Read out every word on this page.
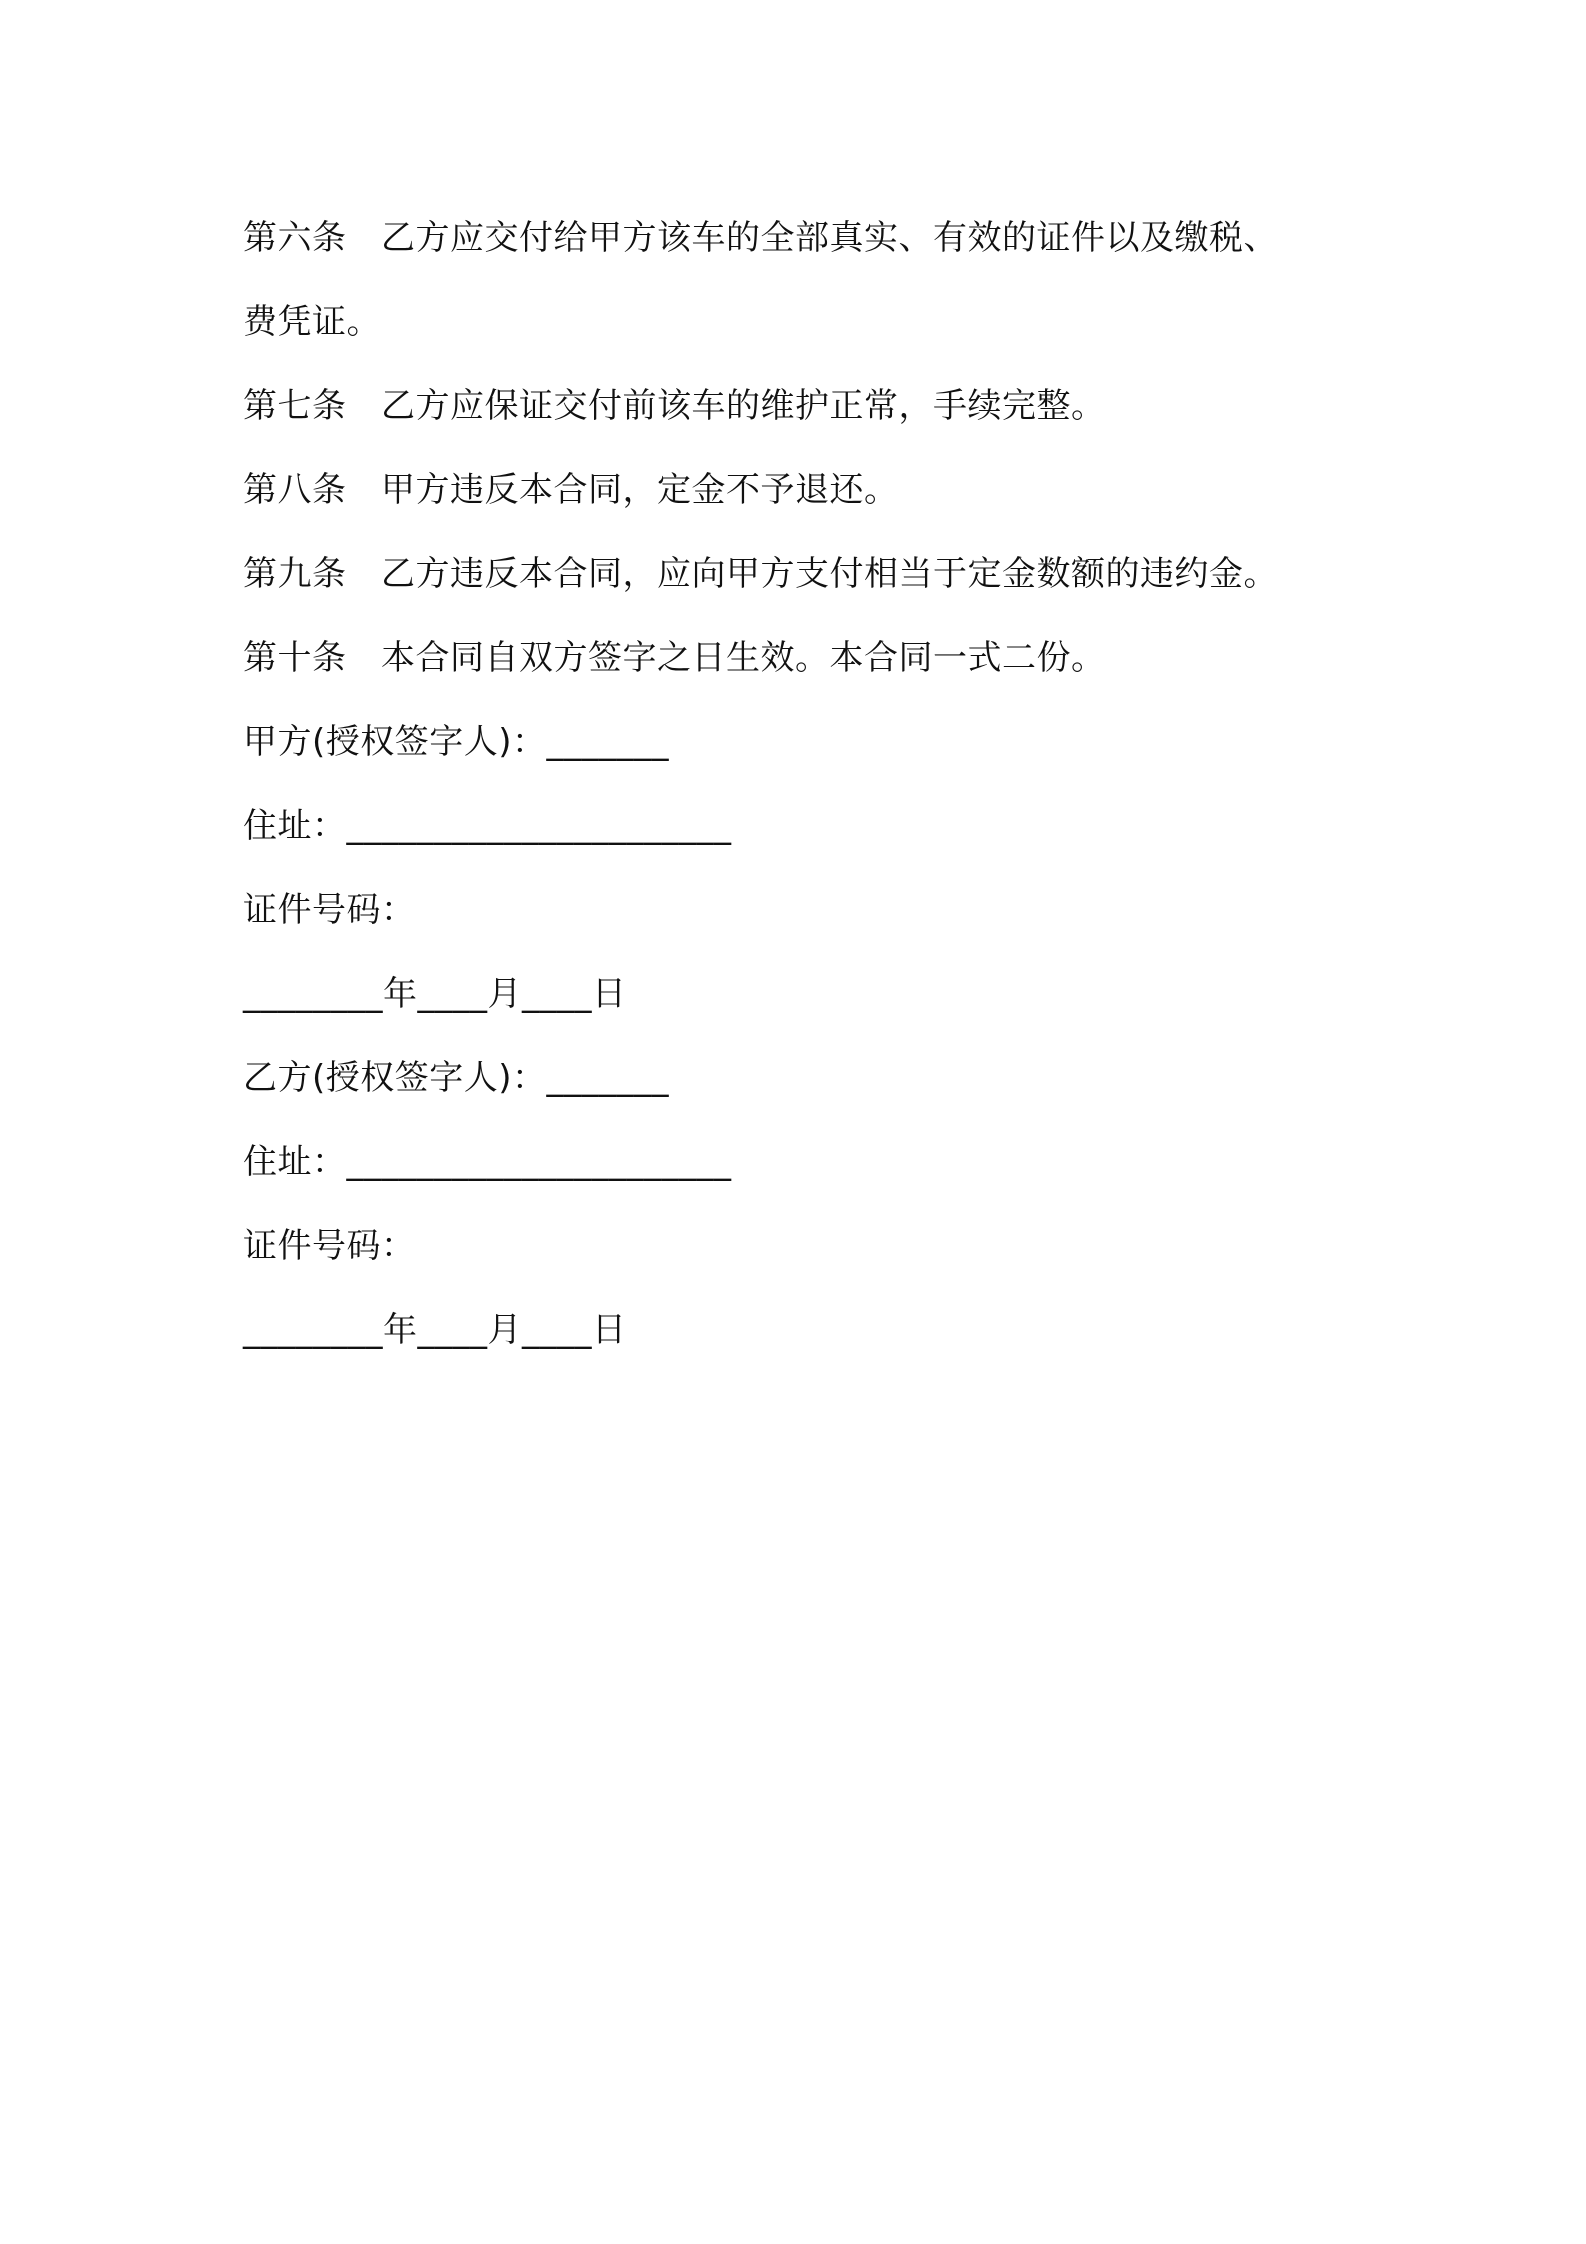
第六条　乙方应交付给甲方该车的全部真实、有效的证件以及缴税、
费凭证。
第七条　乙方应保证交付前该车的维护正常，手续完整。
第八条　甲方违反本合同，定金不予退还。
第九条　乙方违反本合同，应向甲方支付相当于定金数额的违约金。
第十条　本合同自双方签字之日生效。本合同一式二份。
甲方(授权签字人)：_______
住址：______________________
证件号码：
________年____月____日
乙方(授权签字人)：_______
住址：______________________
证件号码：
________年____月____日
